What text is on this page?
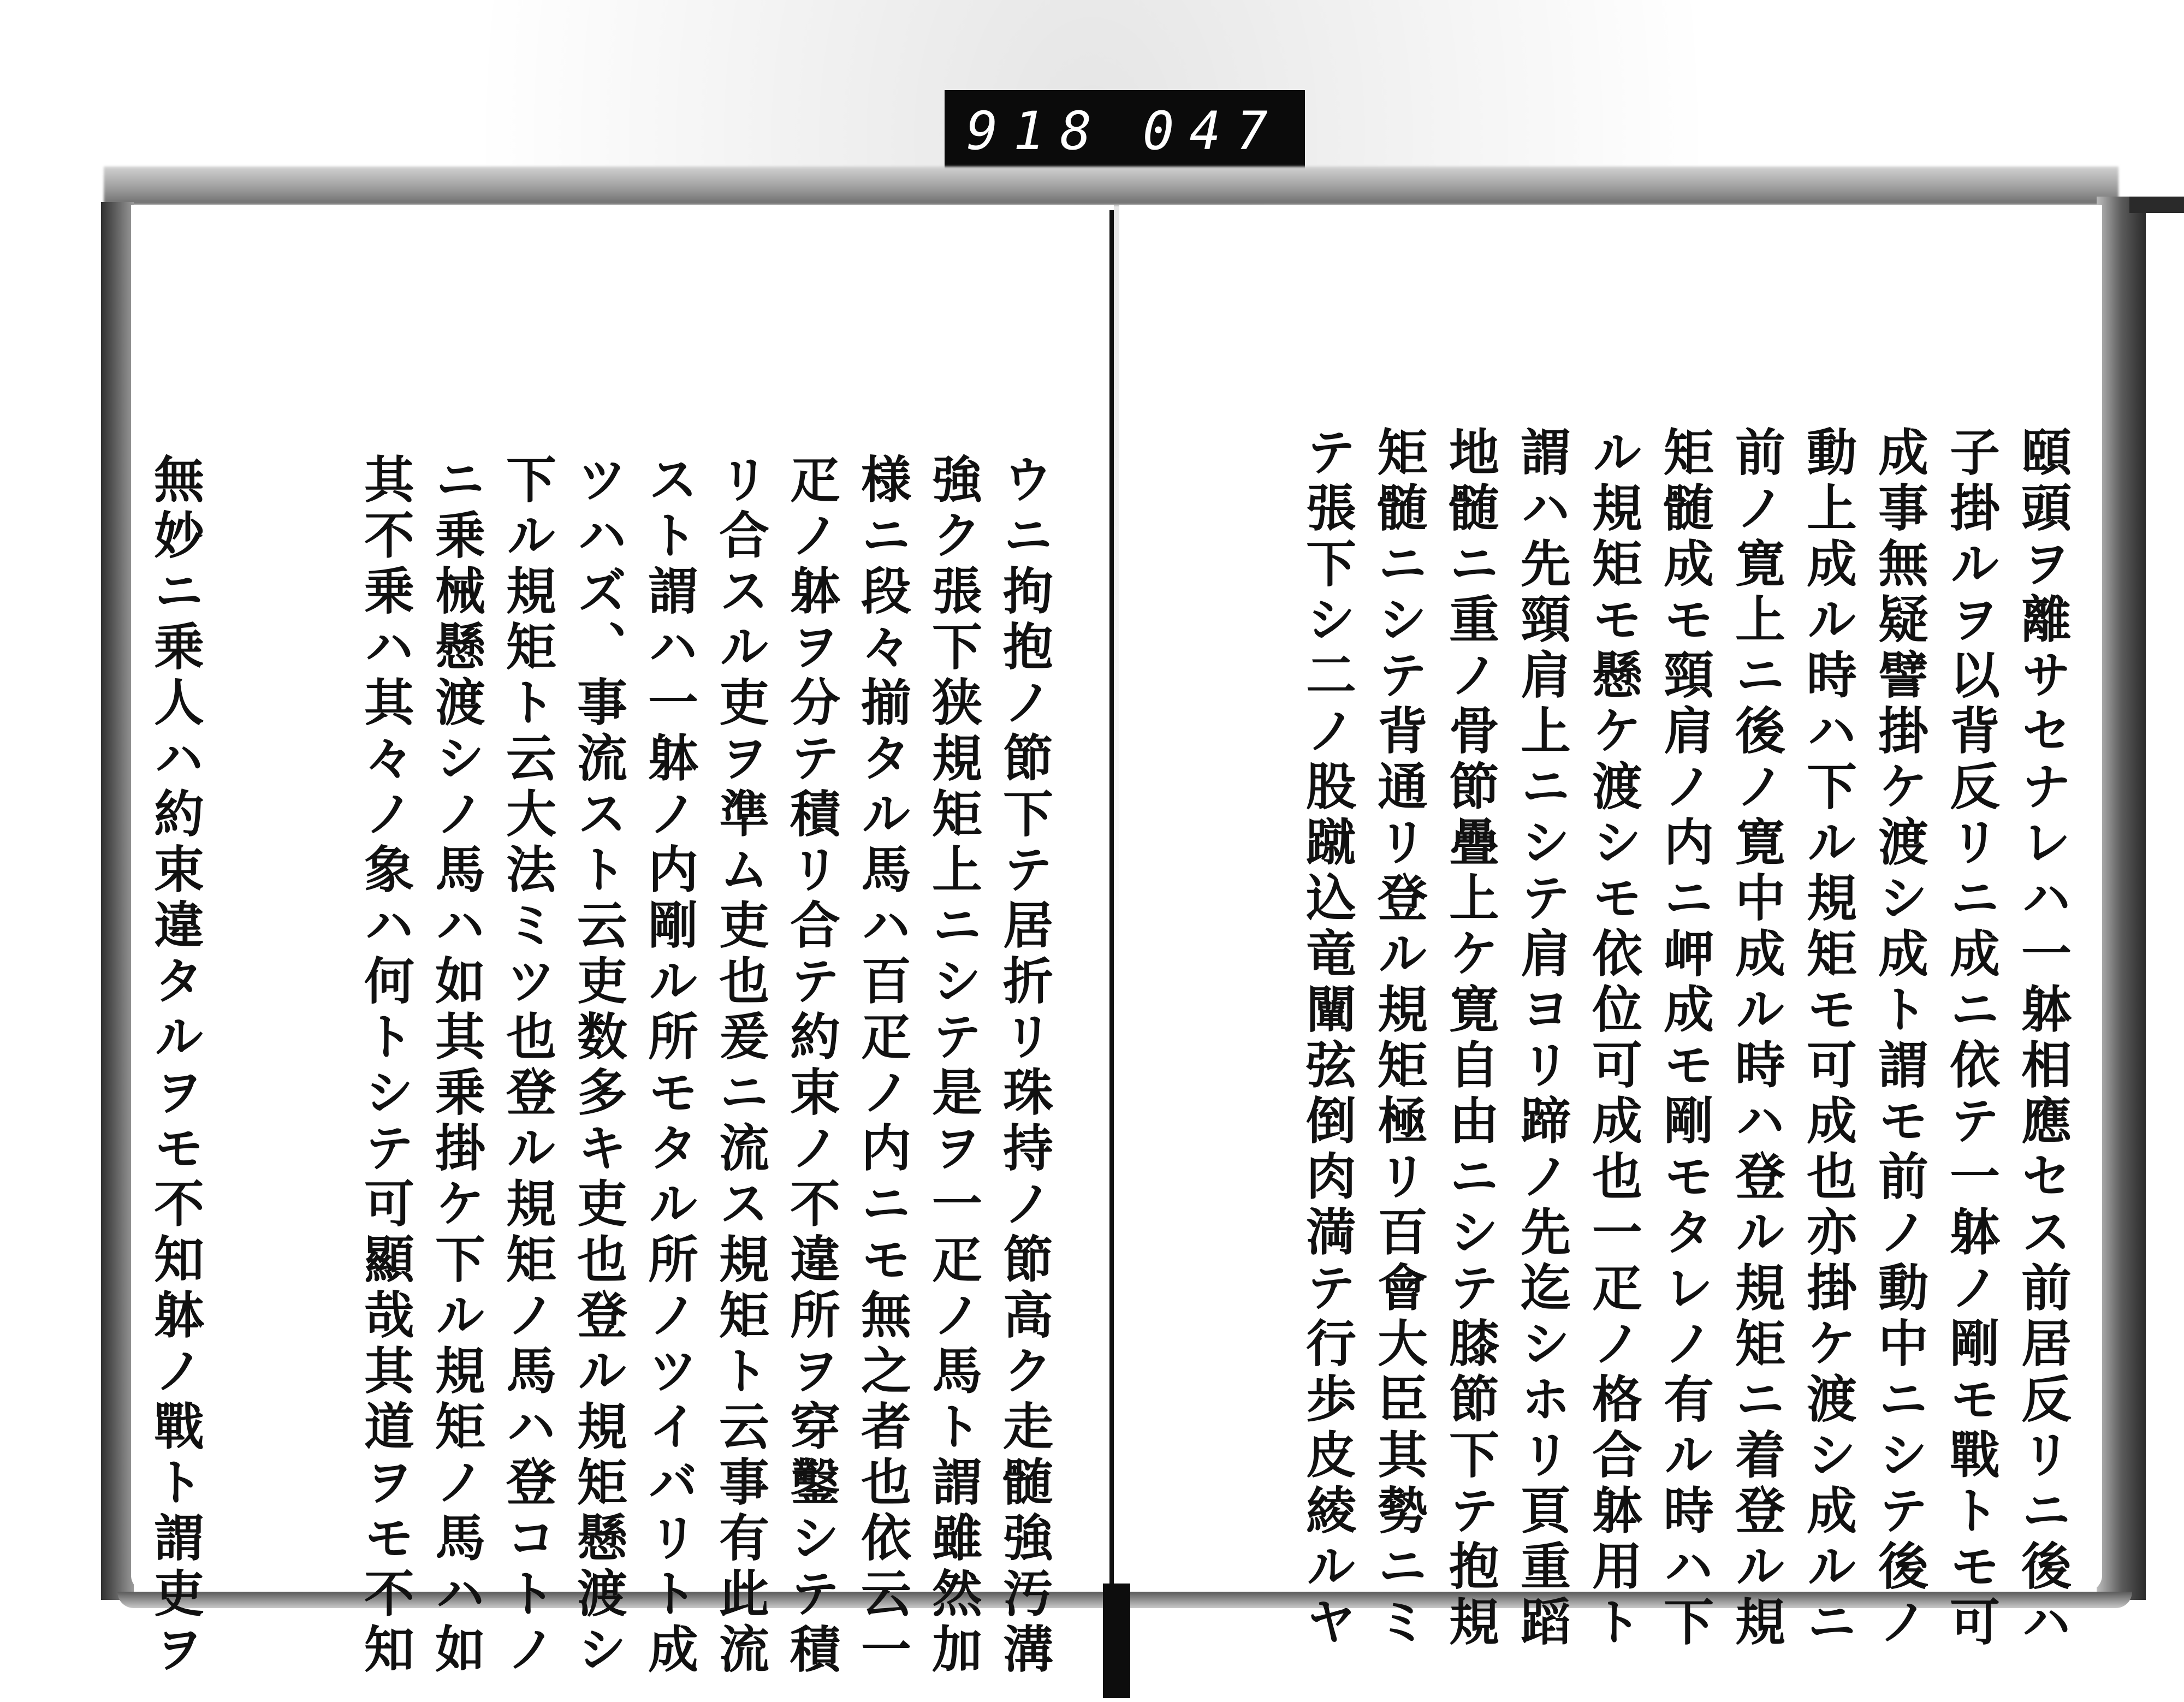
918 047
頤頭ヲ離サセナレハ一躰相應セス前居反リニ後ハ
子掛ルヲ以背反リニ成ニ依テ一躰ノ剛モ戰トモ可
成事無疑譬掛ケ渡シ成ト謂モ前ノ動中ニシテ後ノ
動上成ル時ハ下ル規矩モ可成也亦掛ケ渡シ成ルニ
前ノ寛上ニ後ノ寛中成ル時ハ登ル規矩ニ着登ル規
矩髄成モ頸肩ノ内ニ岬成モ剛モタレノ有ル時ハ下
ル規矩モ懸ケ渡シモ依位可成也一疋ノ格合躰用ト
謂ハ先頸肩上ニシテ肩ヨリ蹄ノ先迄シホリ頁重蹈
地髄ニ重ノ骨節疊上ケ寛自由ニシテ膝節下テ抱規
矩髄ニシテ背通リ登ル規矩極リ百會大臣其勢ニミ
テ張下シ二ノ股蹴込竜闡弦倒肉満テ行歩皮綾ルヤ
ウニ拘抱ノ節下テ居折リ珠持ノ節高ク走髄強汚溝
強ク張下狭規矩上ニシテ是ヲ一疋ノ馬ト謂雖然加
様ニ段々揃タル馬ハ百疋ノ内ニモ無之者也依云一
疋ノ躰ヲ分テ積リ合テ約束ノ不違所ヲ穿鑿シテ積
リ合スル吏ヲ準ム吏也爰ニ流ス規矩ト云事有此流
スト謂ハ一躰ノ内剛ル所モタル所ノツイバリト成
ツハズ、事流スト云吏数多キ吏也登ル規矩懸渡シ
下ル規矩ト云大法ミツ也登ル規矩ノ馬ハ登コトノ
ニ乗械懸渡シノ馬ハ如其乗掛ケ下ル規矩ノ馬ハ如
其不乗ハ其々ノ象ハ何トシテ可顯哉其道ヲモ不知
無妙ニ乗人ハ約束違タルヲモ不知躰ノ戰ト謂吏ヲ
